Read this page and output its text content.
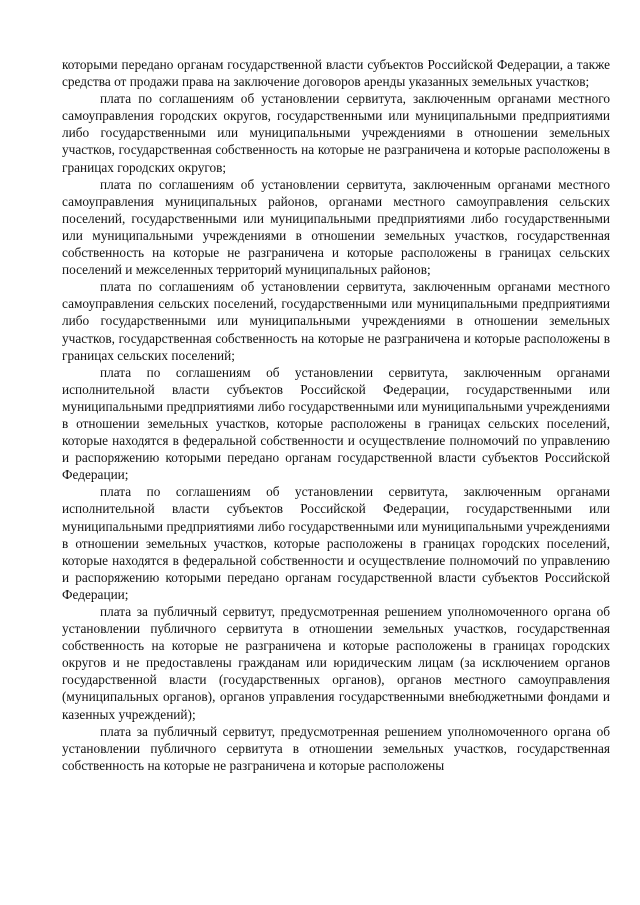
которыми передано органам государственной власти субъектов Российской Федерации, а также средства от продажи права на заключение договоров аренды указанных земельных участков;

плата по соглашениям об установлении сервитута, заключенным органами местного самоуправления городских округов, государственными или муниципальными предприятиями либо государственными или муниципальными учреждениями в отношении земельных участков, государственная собственность на которые не разграничена и которые расположены в границах городских округов;

плата по соглашениям об установлении сервитута, заключенным органами местного самоуправления муниципальных районов, органами местного самоуправления сельских поселений, государственными или муниципальными предприятиями либо государственными или муниципальными учреждениями в отношении земельных участков, государственная собственность на которые не разграничена и которые расположены в границах сельских поселений и межселенных территорий муниципальных районов;

плата по соглашениям об установлении сервитута, заключенным органами местного самоуправления сельских поселений, государственными или муниципальными предприятиями либо государственными или муниципальными учреждениями в отношении земельных участков, государственная собственность на которые не разграничена и которые расположены в границах сельских поселений;

плата по соглашениям об установлении сервитута, заключенным органами исполнительной власти субъектов Российской Федерации, государственными или муниципальными предприятиями либо государственными или муниципальными учреждениями в отношении земельных участков, которые расположены в границах сельских поселений, которые находятся в федеральной собственности и осуществление полномочий по управлению и распоряжению которыми передано органам государственной власти субъектов Российской Федерации;

плата по соглашениям об установлении сервитута, заключенным органами исполнительной власти субъектов Российской Федерации, государственными или муниципальными предприятиями либо государственными или муниципальными учреждениями в отношении земельных участков, которые расположены в границах городских поселений, которые находятся в федеральной собственности и осуществление полномочий по управлению и распоряжению которыми передано органам государственной власти субъектов Российской Федерации;

плата за публичный сервитут, предусмотренная решением уполномоченного органа об установлении публичного сервитута в отношении земельных участков, государственная собственность на которые не разграничена и которые расположены в границах городских округов и не предоставлены гражданам или юридическим лицам (за исключением органов государственной власти (государственных органов), органов местного самоуправления (муниципальных органов), органов управления государственными внебюджетными фондами и казенных учреждений);

плата за публичный сервитут, предусмотренная решением уполномоченного органа об установлении публичного сервитута в отношении земельных участков, государственная собственность на которые не разграничена и которые расположены
